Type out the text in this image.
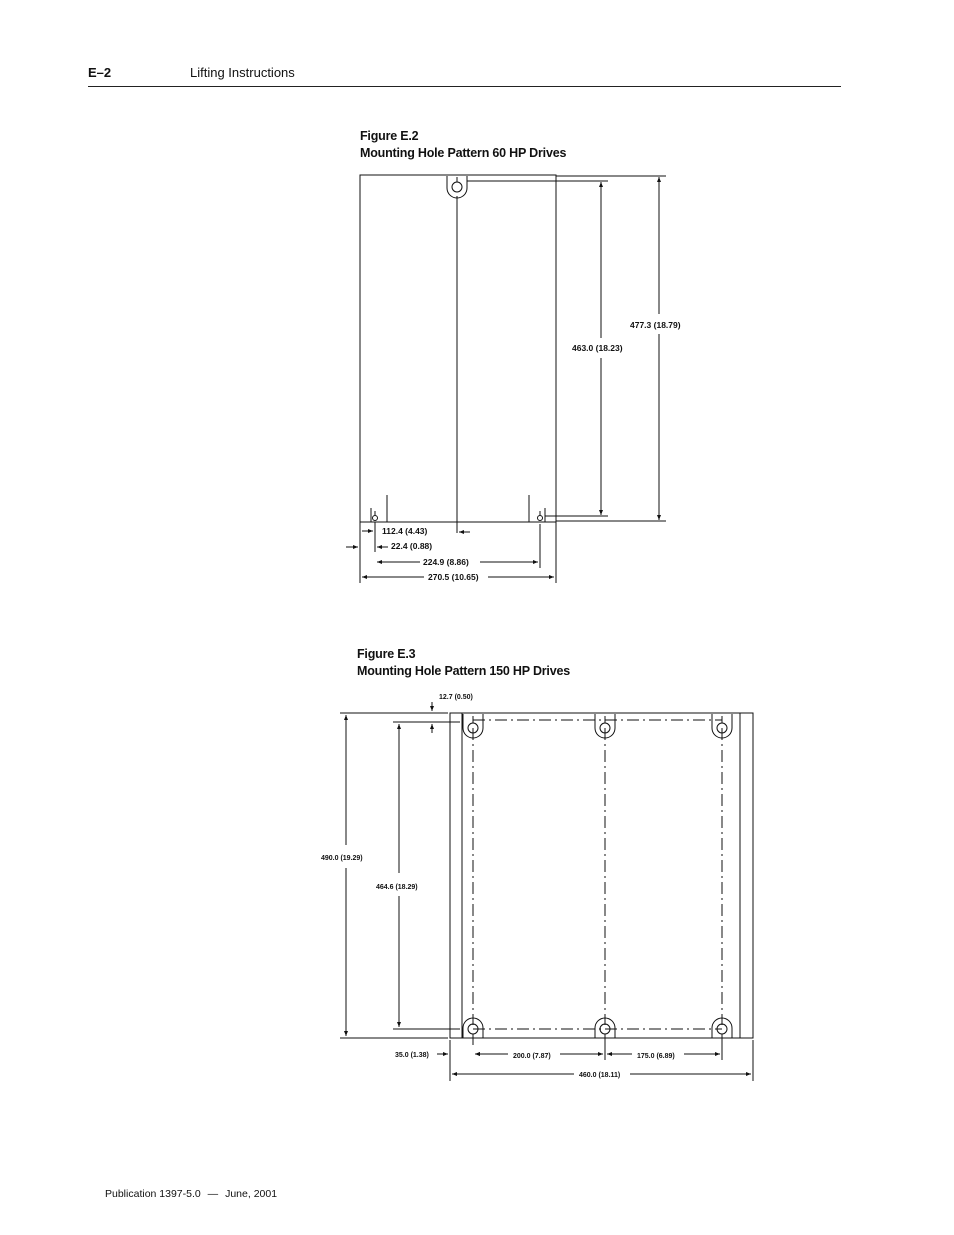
E–2	Lifting Instructions
Figure E.2
Mounting Hole Pattern 60 HP Drives
Figure E.3
Mounting Hole Pattern 150 HP Drives
477.3 (18.79)
463.0 (18.23)
112.4 (4.43)
22.4 (0.88)
224.9 (8.86)
270.5 (10.65)
12.7 (0.50)
490.0 (19.29)
464.6 (18.29)
35.0 (1.38)	200.0 (7.87)	175.0 (6.89)
460.0 (18.11)
Publication 1397-5.0 — June, 2001
